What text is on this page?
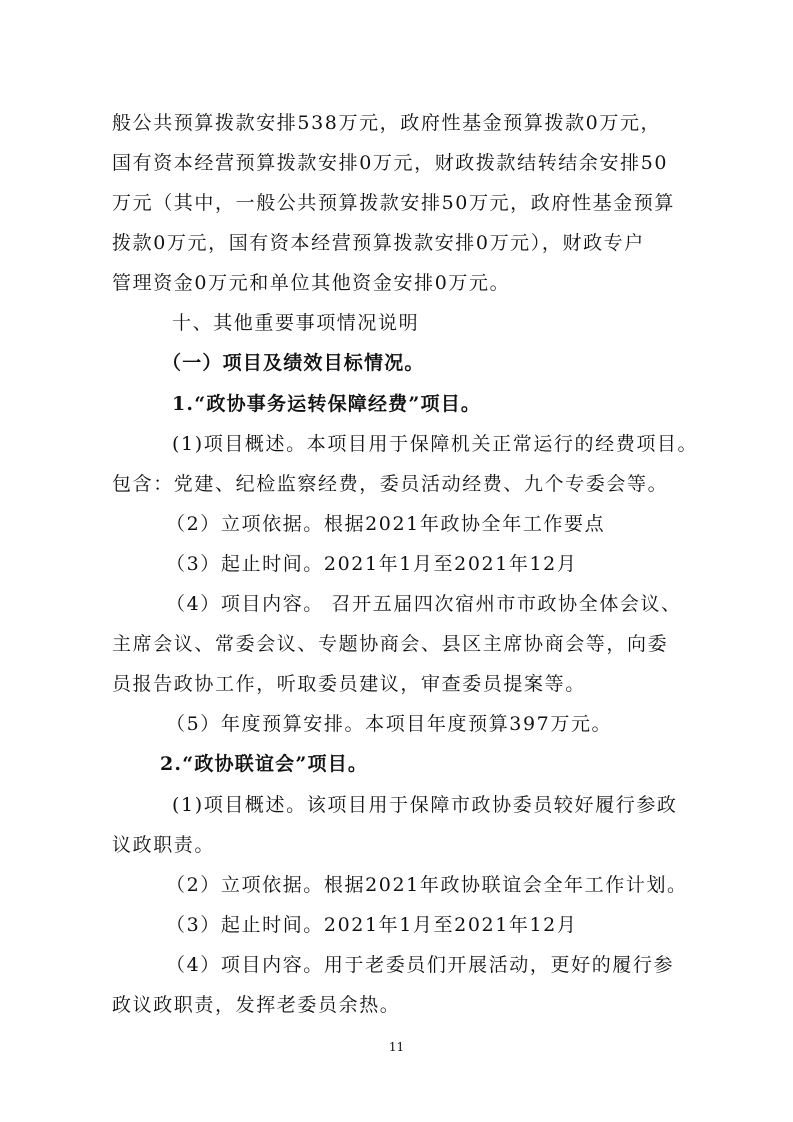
般公共预算拨款安排538万元，政府性基金预算拨款0万元，
国有资本经营预算拨款安排0万元，财政拨款结转结余安排50
万元（其中，一般公共预算拨款安排50万元，政府性基金预算
拨款0万元，国有资本经营预算拨款安排0万元），财政专户
管理资金0万元和单位其他资金安排0万元。
十、其他重要事项情况说明
（一）项目及绩效目标情况。
1.“政协事务运转保障经费”项目。
(1)项目概述。本项目用于保障机关正常运行的经费项目。
包含：党建、纪检监察经费，委员活动经费、九个专委会等。
（2）立项依据。根据2021年政协全年工作要点
（3）起止时间。2021年1月至2021年12月
（4）项目内容。 召开五届四次宿州市市政协全体会议、
主席会议、常委会议、专题协商会、县区主席协商会等，向委
员报告政协工作，听取委员建议，审查委员提案等。
（5）年度预算安排。本项目年度预算397万元。
2.“政协联谊会”项目。
(1)项目概述。该项目用于保障市政协委员较好履行参政
议政职责。
（2）立项依据。根据2021年政协联谊会全年工作计划。
（3）起止时间。2021年1月至2021年12月
（4）项目内容。用于老委员们开展活动，更好的履行参
政议政职责，发挥老委员余热。
11
